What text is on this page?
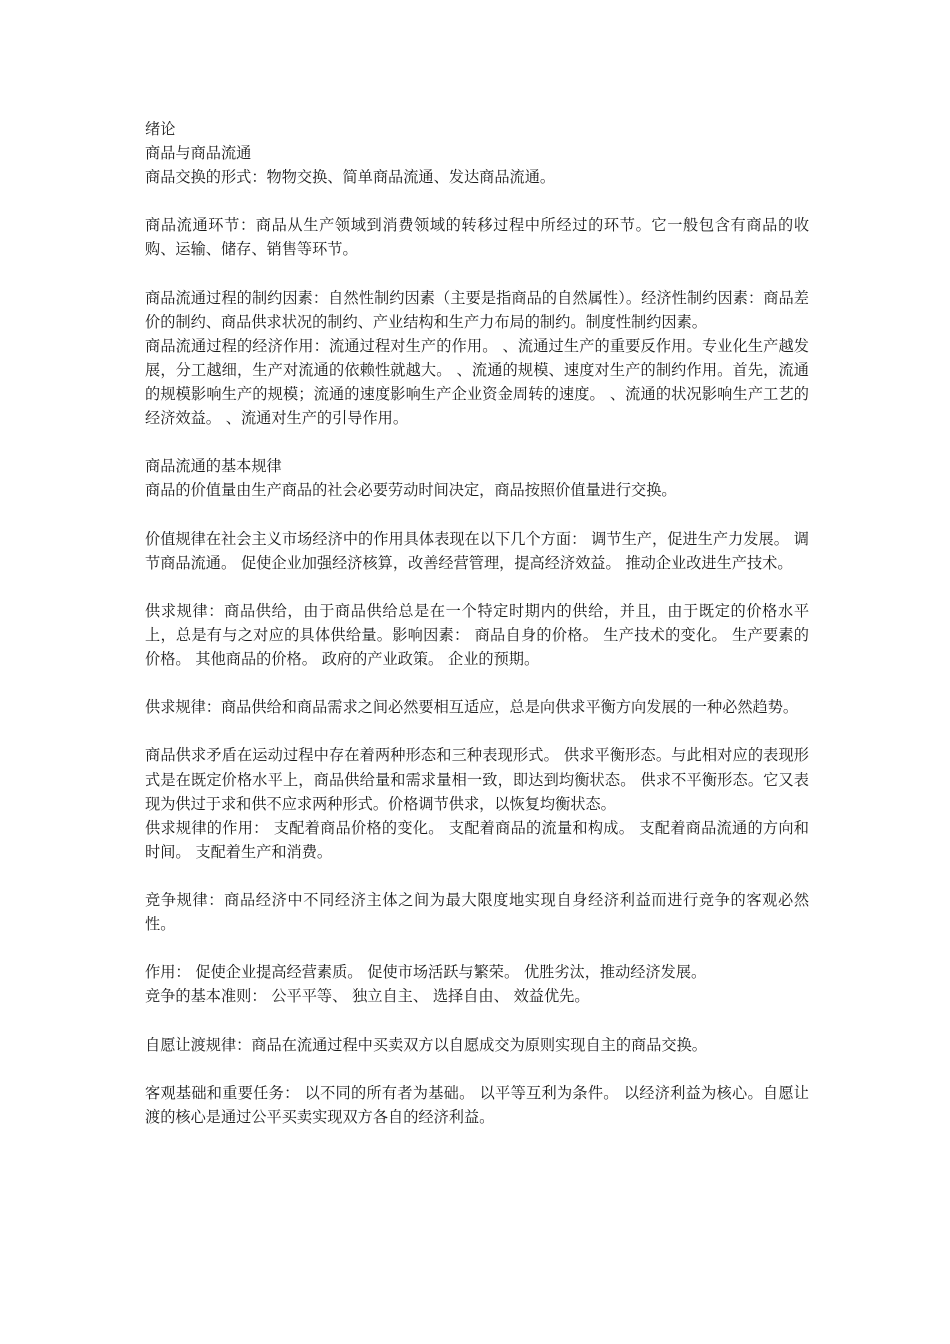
绪论

商品与商品流通

商品交换的形式：物物交换、简单商品流通、发达商品流通。

商品流通环节：商品从生产领域到消费领域的转移过程中所经过的环节。它一般包含有商品的收购、运输、储存、销售等环节。

商品流通过程的制约因素：自然性制约因素（主要是指商品的自然属性）。经济性制约因素：商品差价的制约、商品供求状况的制约、产业结构和生产力布局的制约。制度性制约因素。

商品流通过程的经济作用：流通过程对生产的作用。 、流通过生产的重要反作用。专业化生产越发展，分工越细，生产对流通的依赖性就越大。 、流通的规模、速度对生产的制约作用。首先，流通的规模影响生产的规模；流通的速度影响生产企业资金周转的速度。 、流通的状况影响生产工艺的经济效益。 、流通对生产的引导作用。

商品流通的基本规律

商品的价值量由生产商品的社会必要劳动时间决定，商品按照价值量进行交换。

价值规律在社会主义市场经济中的作用具体表现在以下几个方面： 调节生产，促进生产力发展。 调节商品流通。 促使企业加强经济核算，改善经营管理，提高经济效益。 推动企业改进生产技术。

供求规律：商品供给，由于商品供给总是在一个特定时期内的供给，并且，由于既定的价格水平上，总是有与之对应的具体供给量。影响因素： 商品自身的价格。 生产技术的变化。 生产要素的价格。 其他商品的价格。 政府的产业政策。 企业的预期。

供求规律：商品供给和商品需求之间必然要相互适应，总是向供求平衡方向发展的一种必然趋势。

商品供求矛盾在运动过程中存在着两种形态和三种表现形式。 供求平衡形态。与此相对应的表现形式是在既定价格水平上，商品供给量和需求量相一致，即达到均衡状态。 供求不平衡形态。它又表现为供过于求和供不应求两种形式。价格调节供求，以恢复均衡状态。

供求规律的作用： 支配着商品价格的变化。 支配着商品的流量和构成。 支配着商品流通的方向和时间。 支配着生产和消费。

竞争规律：商品经济中不同经济主体之间为最大限度地实现自身经济利益而进行竞争的客观必然性。

作用： 促使企业提高经营素质。 促使市场活跃与繁荣。 优胜劣汰，推动经济发展。

竞争的基本准则： 公平平等、 独立自主、 选择自由、 效益优先。

自愿让渡规律：商品在流通过程中买卖双方以自愿成交为原则实现自主的商品交换。

客观基础和重要任务： 以不同的所有者为基础。 以平等互利为条件。 以经济利益为核心。自愿让渡的核心是通过公平买卖实现双方各自的经济利益。
